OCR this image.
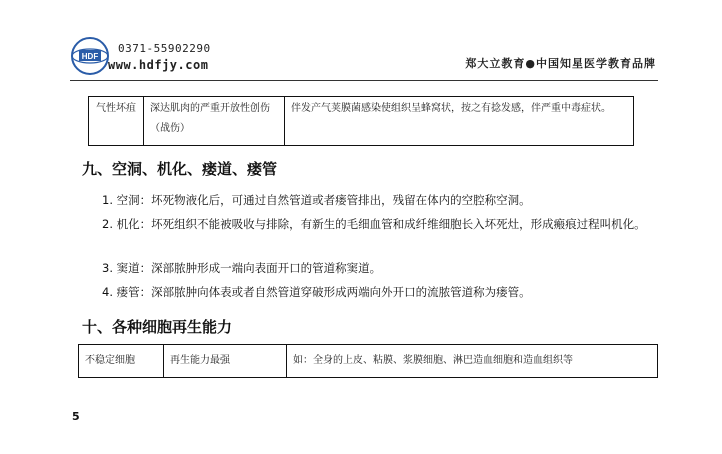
HDF
0371-55902290
www.hdfjy.com	郑大立教育●中国知星医学教育品牌
气性坏疽	深达肌肉的严重开放性创伤（战伤）	伴发产气荚膜菌感染使组织呈蜂窝状，按之有捻发感，伴严重中毒症状。
九、空洞、机化、瘘道、瘘管
1. 空洞：坏死物液化后，可通过自然管道或者瘘管排出，残留在体内的空腔称空洞。
2. 机化：坏死组织不能被吸收与排除，有新生的毛细血管和成纤维细胞长入坏死灶，形成瘢痕过程叫机化。
3. 窦道：深部脓肿形成一端向表面开口的管道称窦道。
4. 瘘管：深部脓肿向体表或者自然管道穿破形成两端向外开口的流脓管道称为瘘管。
十、各种细胞再生能力
不稳定细胞	再生能力最强	如：全身的上皮、粘膜、浆膜细胞、淋巴造血细胞和造血组织等
5
